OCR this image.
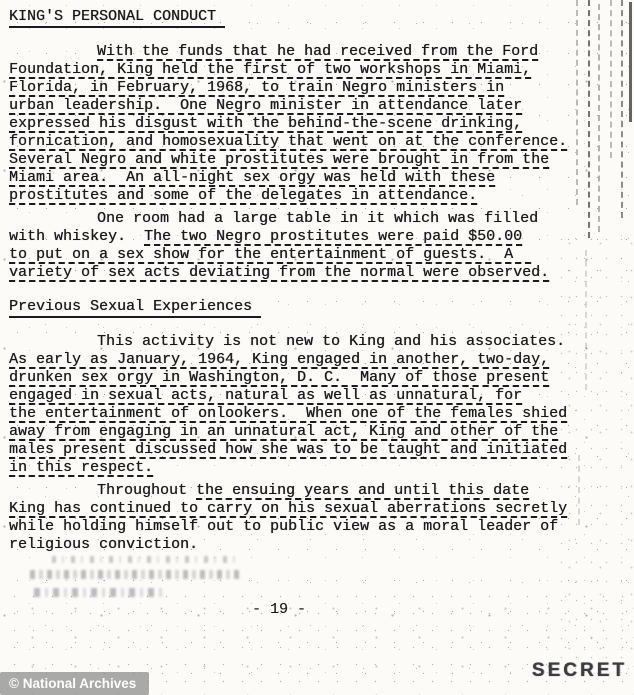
KING'S PERSONAL CONDUCT
With the funds that he had received from the Ford
Foundation, King held the first of two workshops in Miami,
Florida, in February, 1968, to train Negro ministers in
urban leadership.  One Negro minister in attendance later
expressed his disgust with the behind-the-scene drinking,
fornication, and homosexuality that went on at the conference.
Several Negro and white prostitutes were brought in from the
Miami area.  An all-night sex orgy was held with these
prostitutes and some of the delegates in attendance.
One room had a large table in it which was filled
with whiskey.  The two Negro prostitutes were paid $50.00
to put on a sex show for the entertainment of guests.  A
variety of sex acts deviating from the normal were observed.
Previous Sexual Experiences
This activity is not new to King and his associates.
As early as January, 1964, King engaged in another, two-day,
drunken sex orgy in Washington, D. C.  Many of those present
engaged in sexual acts, natural as well as unnatural, for
the entertainment of onlookers.  When one of the females shied
away from engaging in an unnatural act, King and other of the
males present discussed how she was to be taught and initiated
in this respect.
Throughout the ensuing years and until this date
King has continued to carry on his sexual aberrations secretly
while holding himself out to public view as a moral leader of
religious conviction.
- 19 -
SECRET
© National Archives
